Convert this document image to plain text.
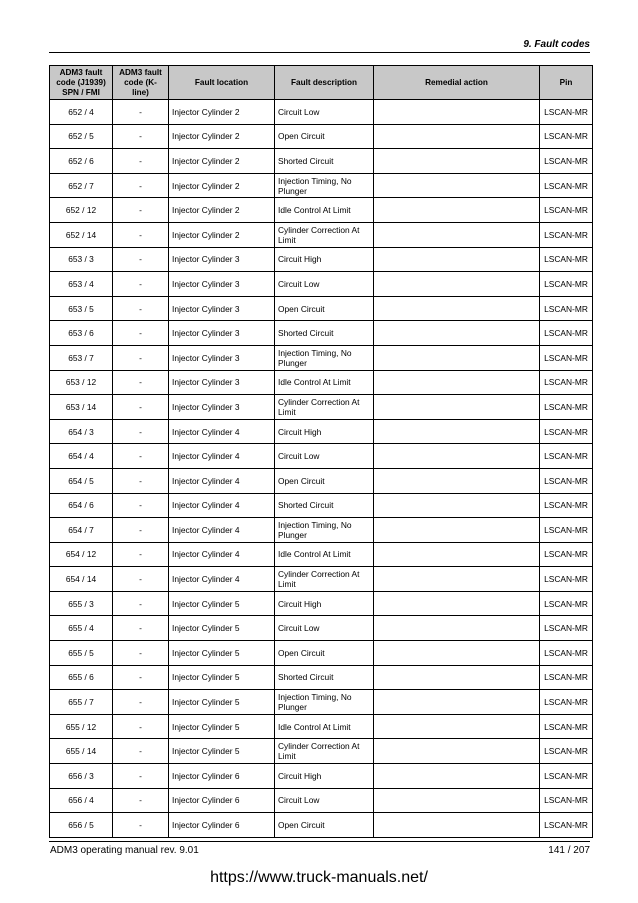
9. Fault codes
ADM3 fault code (J1939) SPN / FMI	ADM3 fault code (K-line)	Fault location	Fault description	Remedial action	Pin
652 / 4	-	Injector Cylinder 2	Circuit Low		LSCAN-MR
652 / 5	-	Injector Cylinder 2	Open Circuit		LSCAN-MR
652 / 6	-	Injector Cylinder 2	Shorted Circuit		LSCAN-MR
652 / 7	-	Injector Cylinder 2	Injection Timing, No Plunger		LSCAN-MR
652 / 12	-	Injector Cylinder 2	Idle Control At Limit		LSCAN-MR
652 / 14	-	Injector Cylinder 2	Cylinder Correction At Limit		LSCAN-MR
653 / 3	-	Injector Cylinder 3	Circuit High		LSCAN-MR
653 / 4	-	Injector Cylinder 3	Circuit Low		LSCAN-MR
653 / 5	-	Injector Cylinder 3	Open Circuit		LSCAN-MR
653 / 6	-	Injector Cylinder 3	Shorted Circuit		LSCAN-MR
653 / 7	-	Injector Cylinder 3	Injection Timing, No Plunger		LSCAN-MR
653 / 12	-	Injector Cylinder 3	Idle Control At Limit		LSCAN-MR
653 / 14	-	Injector Cylinder 3	Cylinder Correction At Limit		LSCAN-MR
654 / 3	-	Injector Cylinder 4	Circuit High		LSCAN-MR
654 / 4	-	Injector Cylinder 4	Circuit Low		LSCAN-MR
654 / 5	-	Injector Cylinder 4	Open Circuit		LSCAN-MR
654 / 6	-	Injector Cylinder 4	Shorted Circuit		LSCAN-MR
654 / 7	-	Injector Cylinder 4	Injection Timing, No Plunger		LSCAN-MR
654 / 12	-	Injector Cylinder 4	Idle Control At Limit		LSCAN-MR
654 / 14	-	Injector Cylinder 4	Cylinder Correction At Limit		LSCAN-MR
655 / 3	-	Injector Cylinder 5	Circuit High		LSCAN-MR
655 / 4	-	Injector Cylinder 5	Circuit Low		LSCAN-MR
655 / 5	-	Injector Cylinder 5	Open Circuit		LSCAN-MR
655 / 6	-	Injector Cylinder 5	Shorted Circuit		LSCAN-MR
655 / 7	-	Injector Cylinder 5	Injection Timing, No Plunger		LSCAN-MR
655 / 12	-	Injector Cylinder 5	Idle Control At Limit		LSCAN-MR
655 / 14	-	Injector Cylinder 5	Cylinder Correction At Limit		LSCAN-MR
656 / 3	-	Injector Cylinder 6	Circuit High		LSCAN-MR
656 / 4	-	Injector Cylinder 6	Circuit Low		LSCAN-MR
656 / 5	-	Injector Cylinder 6	Open Circuit		LSCAN-MR
ADM3 operating manual rev. 9.01	141 / 207
https://www.truck-manuals.net/
